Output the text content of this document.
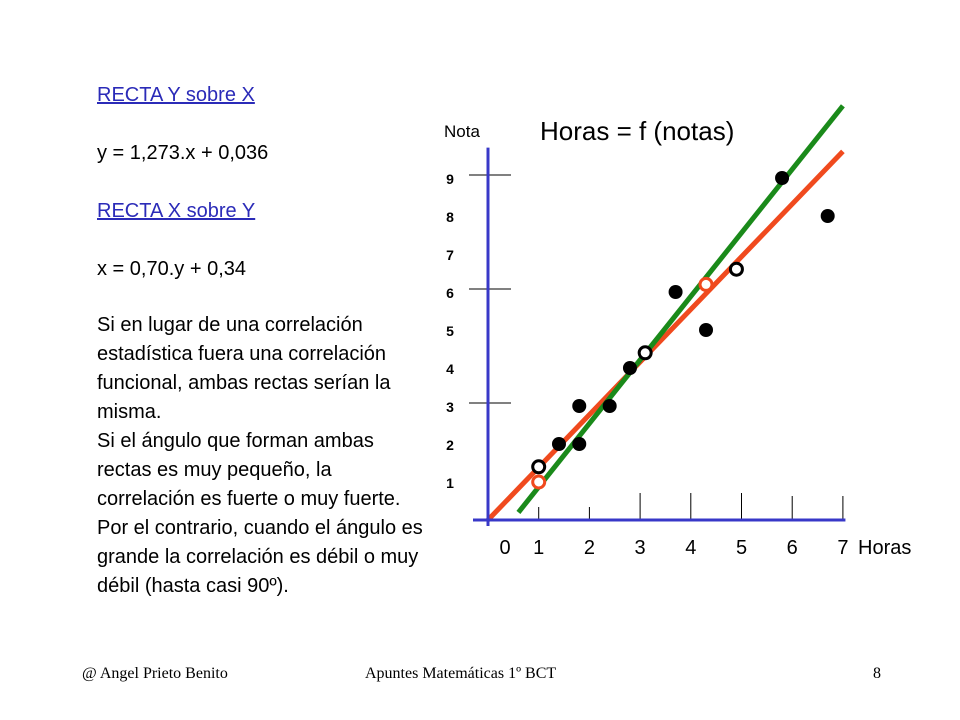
RECTA Y sobre X
y = 1,273.x + 0,036
RECTA X sobre Y
x = 0,70.y + 0,34
Si en lugar de una correlación estadística fuera una correlación funcional, ambas rectas serían la misma.
Si el ángulo que forman ambas rectas es muy pequeño, la correlación es fuerte o muy fuerte. Por el contrario, cuando el ángulo es grande la correlación es débil o muy débil (hasta casi 90º).
Horas = f (notas)
Nota
Horas
0 1 2 3 4 5 6 7
1
2
3
4
5
6
7
8
9
@ Angel Prieto Benito	Apuntes Matemáticas 1º BCT	8
